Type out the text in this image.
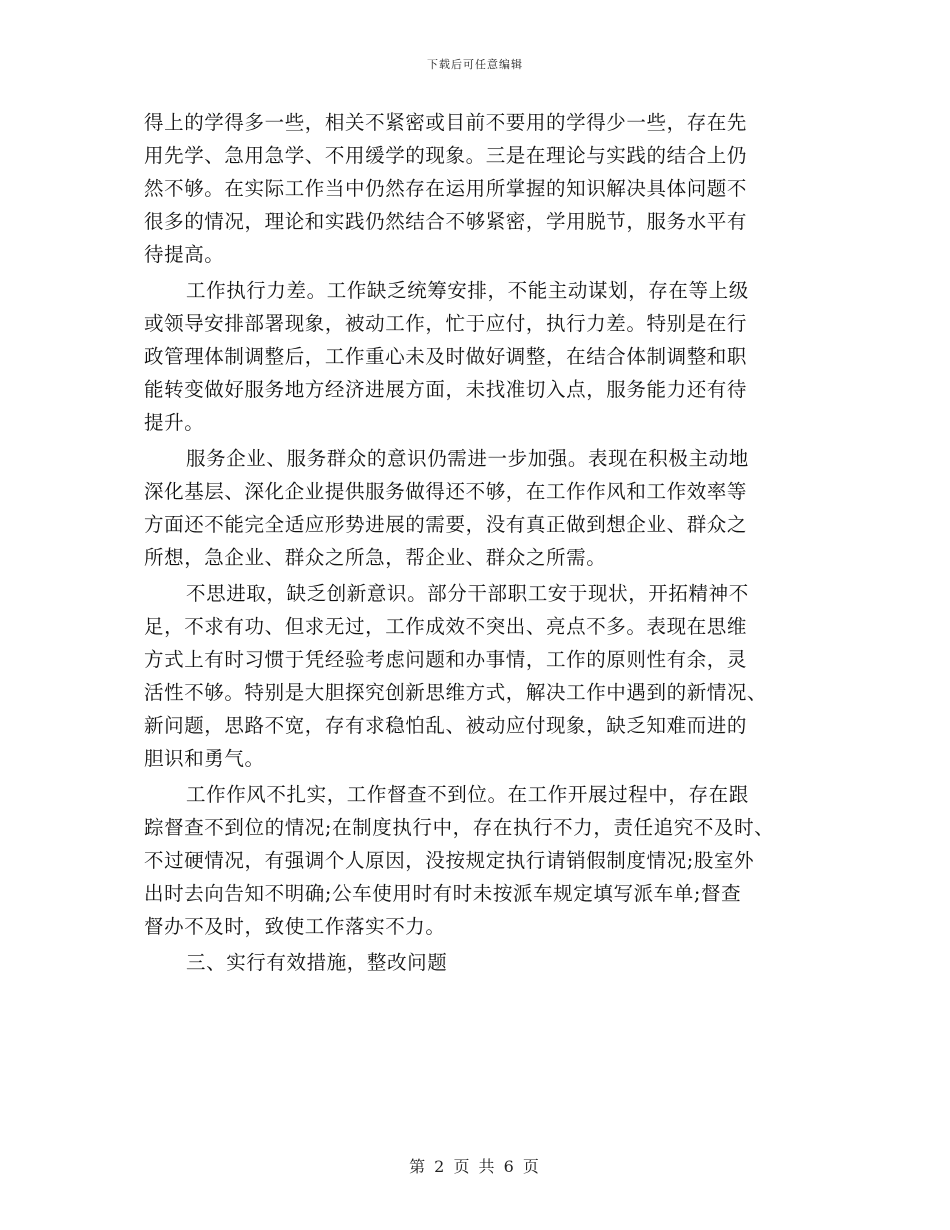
下载后可任意编辑
得上的学得多一些，相关不紧密或目前不要用的学得少一些，存在先
用先学、急用急学、不用缓学的现象。三是在理论与实践的结合上仍
然不够。在实际工作当中仍然存在运用所掌握的知识解决具体问题不
很多的情况，理论和实践仍然结合不够紧密，学用脱节，服务水平有
待提高。
工作执行力差。工作缺乏统筹安排，不能主动谋划，存在等上级
或领导安排部署现象，被动工作，忙于应付，执行力差。特别是在行
政管理体制调整后，工作重心未及时做好调整，在结合体制调整和职
能转变做好服务地方经济进展方面，未找准切入点，服务能力还有待
提升。
服务企业、服务群众的意识仍需进一步加强。表现在积极主动地
深化基层、深化企业提供服务做得还不够，在工作作风和工作效率等
方面还不能完全适应形势进展的需要，没有真正做到想企业、群众之
所想，急企业、群众之所急，帮企业、群众之所需。
不思进取，缺乏创新意识。部分干部职工安于现状，开拓精神不
足，不求有功、但求无过，工作成效不突出、亮点不多。表现在思维
方式上有时习惯于凭经验考虑问题和办事情，工作的原则性有余，灵
活性不够。特别是大胆探究创新思维方式，解决工作中遇到的新情况、
新问题，思路不宽，存有求稳怕乱、被动应付现象，缺乏知难而进的
胆识和勇气。
工作作风不扎实，工作督查不到位。在工作开展过程中，存在跟
踪督查不到位的情况;在制度执行中，存在执行不力，责任追究不及时、
不过硬情况，有强调个人原因，没按规定执行请销假制度情况;股室外
出时去向告知不明确;公车使用时有时未按派车规定填写派车单;督查
督办不及时，致使工作落实不力。
三、实行有效措施，整改问题
第 2 页 共 6 页
